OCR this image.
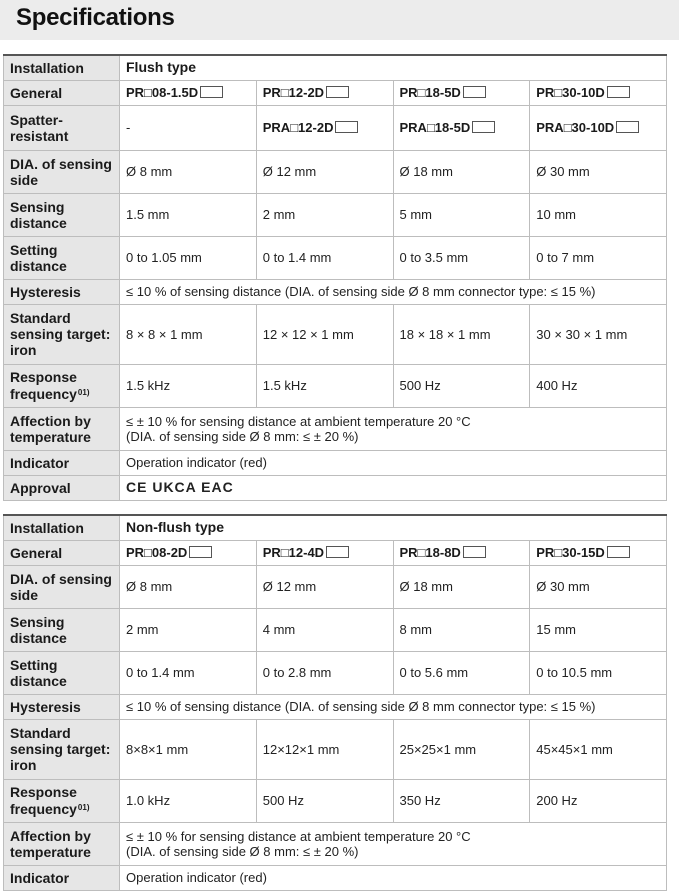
Specifications
Installation	Flush type			
General	PR□08-1.5D	PR□12-2D	PR□18-5D	PR□30-10D
Spatter-resistant	-	PRA□12-2D	PRA□18-5D	PRA□30-10D
DIA. of sensing side	Ø 8 mm	Ø 12 mm	Ø 18 mm	Ø 30 mm
Sensing distance	1.5 mm	2 mm	5 mm	10 mm
Setting distance	0 to 1.05 mm	0 to 1.4 mm	0 to 3.5 mm	0 to 7 mm
Hysteresis	≤ 10 % of sensing distance (DIA. of sensing side Ø 8 mm connector type: ≤ 15 %)			
Standard sensing target: iron	8 × 8 × 1 mm	12 × 12 × 1 mm	18 × 18 × 1 mm	30 × 30 × 1 mm
Response frequency$^{01)}$	1.5 kHz	1.5 kHz	500 Hz	400 Hz
Affection by temperature	≤ ± 10 % for sensing distance at ambient temperature 20 °C
(DIA. of sensing side Ø 8 mm: ≤ ± 20 %)			

Indicator	Operation indicator (red)			
Approval	CE UKCA EAC			
Installation	Non-flush type			
General	PR□08-2D	PR□12-4D	PR□18-8D	PR□30-15D
DIA. of sensing side	Ø 8 mm	Ø 12 mm	Ø 18 mm	Ø 30 mm
Sensing distance	2 mm	4 mm	8 mm	15 mm
Setting distance	0 to 1.4 mm	0 to 2.8 mm	0 to 5.6 mm	0 to 10.5 mm
Hysteresis	≤ 10 % of sensing distance (DIA. of sensing side Ø 8 mm connector type: ≤ 15 %)			
Standard sensing target: iron	8×8×1 mm	12×12×1 mm	25×25×1 mm	45×45×1 mm
Response frequency$^{01)}$	1.0 kHz	500 Hz	350 Hz	200 Hz
Affection by temperature	≤ ± 10 % for sensing distance at ambient temperature 20 °C
(DIA. of sensing side Ø 8 mm: ≤ ± 20 %)			

Indicator	Operation indicator (red)			
